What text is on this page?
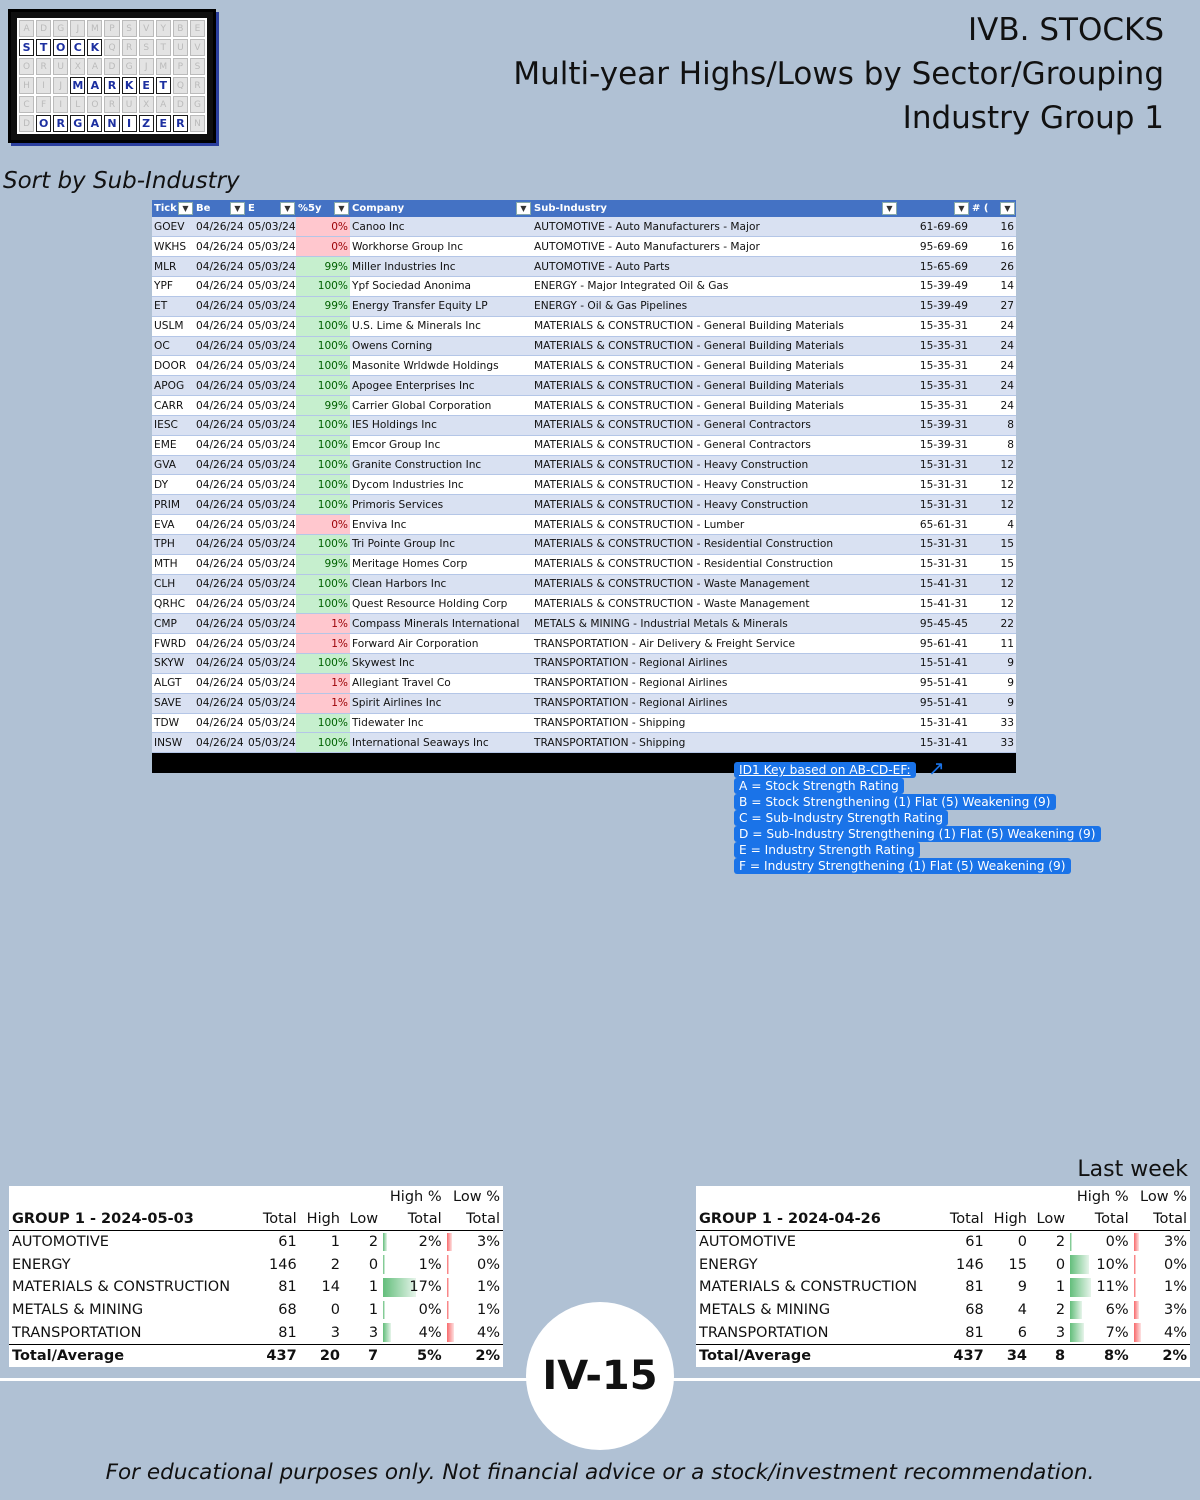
A	D	G	J	M	P	S	V	Y	B	E
S T O C K	Q	R	S	T	U	V
O	R	U	X	A	D	G	J	M	P	S
H	I	J M A R K E T	Q	R
C	F	I	L	O	R	U	X	A	D	G
D O R G A N I	Z E R	N
IVB. STOCKS
Multi-year Highs/Lows by Sector/Grouping
Industry Group 1
Sort by Sub-Industry
Tick ▼	Be ▼	E ▼	%5y ▼	Company ▼	Sub-Industry ▼	▼	# ( ▼

GOEV	04/26/24	05/03/24	0%	Canoo Inc	AUTOMOTIVE - Auto Manufacturers - Major	61-69-69	16
WKHS	04/26/24	05/03/24	0%	Workhorse Group Inc	AUTOMOTIVE - Auto Manufacturers - Major	95-69-69	16
MLR	04/26/24	05/03/24	99%	Miller Industries Inc	AUTOMOTIVE - Auto Parts	15-65-69	26
YPF	04/26/24	05/03/24	100%	Ypf Sociedad Anonima	ENERGY - Major Integrated Oil & Gas	15-39-49	14
ET	04/26/24	05/03/24	99%	Energy Transfer Equity LP	ENERGY - Oil & Gas Pipelines	15-39-49	27
USLM	04/26/24	05/03/24	100%	U.S. Lime & Minerals Inc	MATERIALS & CONSTRUCTION - General Building Materials	15-35-31	24
OC	04/26/24	05/03/24	100%	Owens Corning	MATERIALS & CONSTRUCTION - General Building Materials	15-35-31	24
DOOR	04/26/24	05/03/24	100%	Masonite Wrldwde Holdings	MATERIALS & CONSTRUCTION - General Building Materials	15-35-31	24
APOG	04/26/24	05/03/24	100%	Apogee Enterprises Inc	MATERIALS & CONSTRUCTION - General Building Materials	15-35-31	24
CARR	04/26/24	05/03/24	99%	Carrier Global Corporation	MATERIALS & CONSTRUCTION - General Building Materials	15-35-31	24
IESC	04/26/24	05/03/24	100%	IES Holdings Inc	MATERIALS & CONSTRUCTION - General Contractors	15-39-31	8
EME	04/26/24	05/03/24	100%	Emcor Group Inc	MATERIALS & CONSTRUCTION - General Contractors	15-39-31	8
GVA	04/26/24	05/03/24	100%	Granite Construction Inc	MATERIALS & CONSTRUCTION - Heavy Construction	15-31-31	12
DY	04/26/24	05/03/24	100%	Dycom Industries Inc	MATERIALS & CONSTRUCTION - Heavy Construction	15-31-31	12
PRIM	04/26/24	05/03/24	100%	Primoris Services	MATERIALS & CONSTRUCTION - Heavy Construction	15-31-31	12
EVA	04/26/24	05/03/24	0%	Enviva Inc	MATERIALS & CONSTRUCTION - Lumber	65-61-31	4
TPH	04/26/24	05/03/24	100%	Tri Pointe Group Inc	MATERIALS & CONSTRUCTION - Residential Construction	15-31-31	15
MTH	04/26/24	05/03/24	99%	Meritage Homes Corp	MATERIALS & CONSTRUCTION - Residential Construction	15-31-31	15
CLH	04/26/24	05/03/24	100%	Clean Harbors Inc	MATERIALS & CONSTRUCTION - Waste Management	15-41-31	12
QRHC	04/26/24	05/03/24	100%	Quest Resource Holding Corp	MATERIALS & CONSTRUCTION - Waste Management	15-41-31	12
CMP	04/26/24	05/03/24	1%	Compass Minerals International	METALS & MINING - Industrial Metals & Minerals	95-45-45	22
FWRD	04/26/24	05/03/24	1%	Forward Air Corporation	TRANSPORTATION - Air Delivery & Freight Service	95-61-41	11
SKYW	04/26/24	05/03/24	100%	Skywest Inc	TRANSPORTATION - Regional Airlines	15-51-41	9
ALGT	04/26/24	05/03/24	1%	Allegiant Travel Co	TRANSPORTATION - Regional Airlines	95-51-41	9
SAVE	04/26/24	05/03/24	1%	Spirit Airlines Inc	TRANSPORTATION - Regional Airlines	95-51-41	9
TDW	04/26/24	05/03/24	100%	Tidewater Inc	TRANSPORTATION - Shipping	15-31-41	33
INSW	04/26/24	05/03/24	100%	International Seaways Inc	TRANSPORTATION - Shipping	15-31-41	33
↗
ID1 Key based on AB-CD-EF:
A = Stock Strength Rating
B = Stock Strengthening (1) Flat (5) Weakening (9)
C = Sub-Industry Strength Rating
D = Sub-Industry Strengthening (1) Flat (5) Weakening (9)
E = Industry Strength Rating
F = Industry Strengthening (1) Flat (5) Weakening (9)
				High %	Low %
GROUP 1 - 2024-05-03	Total	High	Low	Total	Total
AUTOMOTIVE	61	1	2	2%	3%
ENERGY	146	2	0	1%	0%
MATERIALS & CONSTRUCTION	81	14	1	17%	1%
METALS & MINING	68	0	1	0%	1%
TRANSPORTATION	81	3	3	4%	4%
Total/Average	437	20	7	5%	2%
Last week
				High %	Low %
GROUP 1 - 2024-04-26	Total	High	Low	Total	Total
AUTOMOTIVE	61	0	2	0%	3%
ENERGY	146	15	0	10%	0%
MATERIALS & CONSTRUCTION	81	9	1	11%	1%
METALS & MINING	68	4	2	6%	3%
TRANSPORTATION	81	6	3	7%	4%
Total/Average	437	34	8	8%	2%
IV-15
For educational purposes only. Not financial advice or a stock/investment recommendation.
